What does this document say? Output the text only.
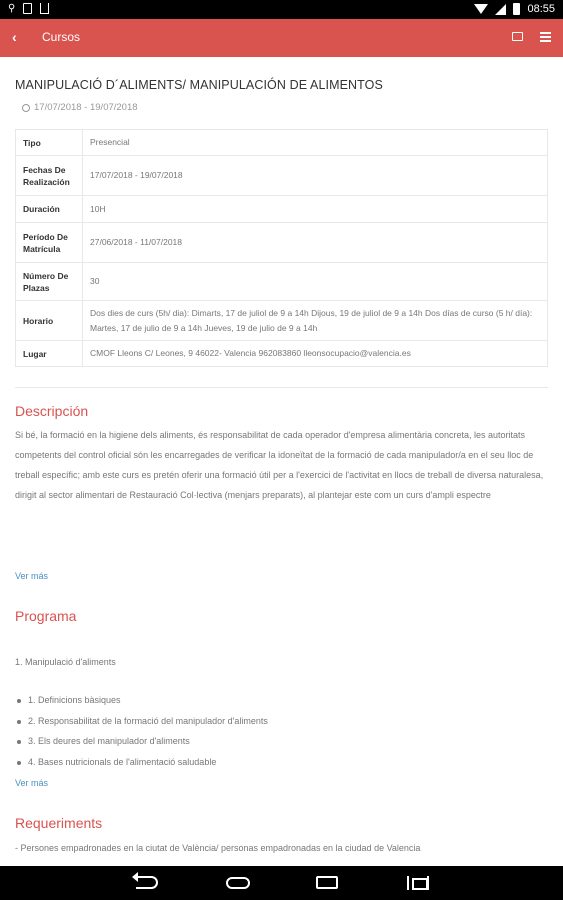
⚲	08:55
‹ Cursos
MANIPULACIÓ D´ALIMENTS/ MANIPULACIÓN DE ALIMENTOS
17/07/2018 - 19/07/2018
Tipo	Presencial
Fechas De Realización	17/07/2018 - 19/07/2018
Duración	10H
Período De Matrícula	27/06/2018 - 11/07/2018
Número De Plazas	30
Horario	Dos dies de curs (5h/ dia): Dimarts, 17 de juliol de 9 a 14h Dijous, 19 de juliol de 9 a 14h Dos días de curso (5 h/ día): Martes, 17 de julio de 9 a 14h Jueves, 19 de julio de 9 a 14h
Lugar	CMOF Lleons C/ Leones, 9 46022- Valencia 962083860 lleonsocupacio@valencia.es
Descripción

Si bé, la formació en la higiene dels aliments, és responsabilitat de cada operador d'empresa alimentària concreta, les autoritats competents del control oficial són les encarregades de verificar la idoneïtat de la formació de cada manipulador/a en el seu lloc de treball específic; amb este curs es pretén oferir una formació útil per a l'exercici de l'activitat en llocs de treball de diversa naturalesa, dirigit al sector alimentari de Restauració Col·lectiva (menjars preparats), al plantejar este com un curs d'ampli espectre

Ver más
Programa

1. Manipulació d'aliments

1. Definicions bàsiques
2. Responsabilitat de la formació del manipulador d'aliments
3. Els deures del manipulador d'aliments
4. Bases nutricionals de l'alimentació saludable
Ver más
Requeriments

- Persones empadronades en la ciutat de València/ personas empadronadas en la ciudad de Valencia
